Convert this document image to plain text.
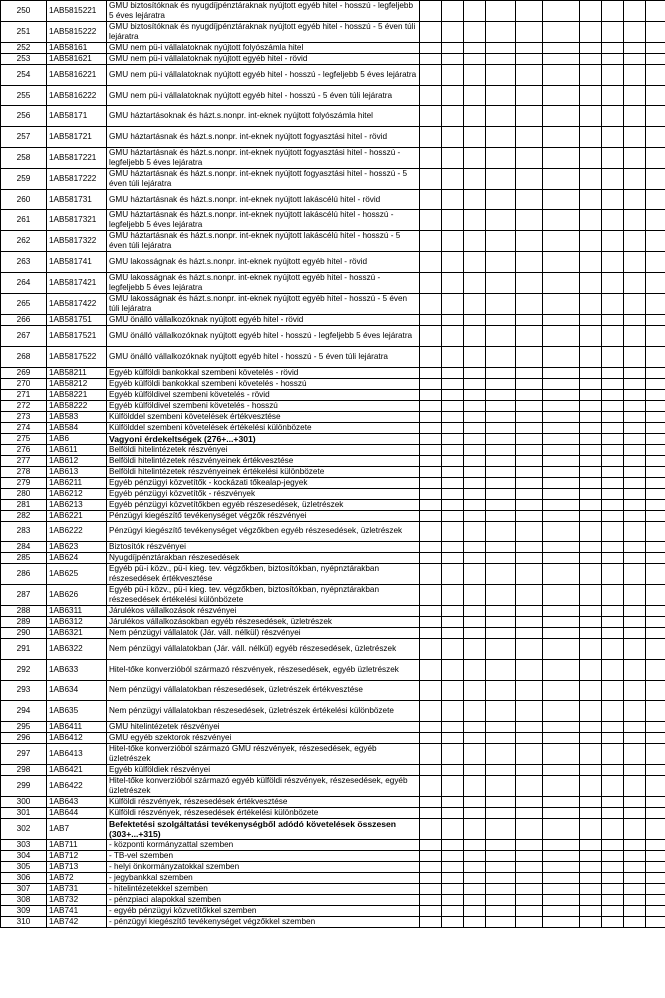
250	1AB5815221	GMU biztosítóknak és nyugdíjpénztáraknak nyújtott egyéb hitel - hosszú - legfeljebb 5 éves lejáratra										
251	1AB5815222	GMU biztosítóknak és nyugdíjpénztáraknak nyújtott egyéb hitel - hosszú - 5 éven túli lejáratra										
252	1AB58161	GMU nem pü-i vállalatoknak nyújtott folyószámla hitel										
253	1AB581621	GMU nem pü-i vállalatoknak nyújtott egyéb hitel - rövid										
254	1AB5816221	GMU nem pü-i vállalatoknak nyújtott egyéb hitel - hosszú - legfeljebb 5 éves lejáratra										
255	1AB5816222	GMU nem pü-i vállalatoknak nyújtott egyéb hitel - hosszú - 5 éven túli lejáratra										
256	1AB58171	GMU háztartásoknak és házt.s.nonpr. int-eknek nyújtott folyószámla hitel										
257	1AB581721	GMU háztartásnak és házt.s.nonpr. int-eknek nyújtott fogyasztási hitel - rövid										
258	1AB5817221	GMU háztartásnak és házt.s.nonpr. int-eknek nyújtott fogyasztási hitel - hosszú - legfeljebb 5 éves lejáratra										
259	1AB5817222	GMU háztartásnak és házt.s.nonpr. int-eknek nyújtott fogyasztási hitel - hosszú - 5 éven túli lejáratra										
260	1AB581731	GMU háztartásnak és házt.s.nonpr. int-eknek nyújtott lakáscélú hitel - rövid										
261	1AB5817321	GMU háztartásnak és házt.s.nonpr. int-eknek nyújtott lakáscélú hitel - hosszú - legfeljebb 5 éves lejáratra										
262	1AB5817322	GMU háztartásnak és házt.s.nonpr. int-eknek nyújtott lakáscélú hitel - hosszú - 5 éven túli lejáratra										
263	1AB581741	GMU lakosságnak és házt.s.nonpr. int-eknek nyújtott egyéb hitel - rövid										
264	1AB5817421	GMU lakosságnak és házt.s.nonpr. int-eknek nyújtott egyéb hitel - hosszú - legfeljebb 5 éves lejáratra										
265	1AB5817422	GMU lakosságnak és házt.s.nonpr. int-eknek nyújtott egyéb hitel - hosszú - 5 éven túli lejáratra										
266	1AB581751	GMU önálló vállalkozóknak nyújtott egyéb hitel - rövid										
267	1AB5817521	GMU önálló vállalkozóknak nyújtott egyéb hitel - hosszú - legfeljebb 5 éves lejáratra										
268	1AB5817522	GMU önálló vállalkozóknak nyújtott egyéb hitel - hosszú - 5 éven túli lejáratra										
269	1AB58211	Egyéb külföldi bankokkal szembeni követelés - rövid										
270	1AB58212	Egyéb külföldi bankokkal szembeni követelés - hosszú										
271	1AB58221	Egyéb külföldivel szembeni követelés - rövid										
272	1AB58222	Egyéb külföldivel szembeni követelés - hosszú										
273	1AB583	Külfölddel szembeni követelések értékvesztése										
274	1AB584	Külfölddel szembeni követelések értékelési különbözete										
275	1AB6	Vagyoni érdekeltségek (276+...+301)										
276	1AB611	Belföldi hitelintézetek részvényei										
277	1AB612	Belföldi hitelintézetek részvényeinek értékvesztése										
278	1AB613	Belföldi hitelintézetek részvényeinek értékelési különbözete										
279	1AB6211	Egyéb pénzügyi közvetítők - kockázati tőkealap-jegyek										
280	1AB6212	Egyéb pénzügyi közvetítők - részvények										
281	1AB6213	Egyéb pénzügyi közvetítőkben egyéb részesedések, üzletrészek										
282	1AB6221	Pénzügyi kiegészítő tevékenységet végzők részvényei										
283	1AB6222	Pénzügyi kiegészítő tevékenységet végzőkben egyéb részesedések, üzletrészek										
284	1AB623	Biztosítók részvényei										
285	1AB624	Nyugdíjpénztárakban részesedések										
286	1AB625	Egyéb pü-i közv., pü-i kieg. tev. végzőkben, biztosítókban, nyépnztárakban részesedések értékvesztése										
287	1AB626	Egyéb pü-i közv., pü-i kieg. tev. végzőkben, biztosítókban, nyépnztárakban részesedések értékelési különbözete										
288	1AB6311	Járulékos vállalkozások részvényei										
289	1AB6312	Járulékos vállalkozásokban egyéb részesedések, üzletrészek										
290	1AB6321	Nem pénzügyi vállalatok (Jár. váll. nélkül) részvényei										
291	1AB6322	Nem pénzügyi vállalatokban (Jár. váll. nélkül) egyéb részesedések, üzletrészek										
292	1AB633	Hitel-tőke konverzióból származó részvények, részesedések, egyéb üzletrészek										
293	1AB634	Nem pénzügyi vállalatokban részesedések, üzletrészek értékvesztése										
294	1AB635	Nem pénzügyi vállalatokban részesedések, üzletrészek értékelési különbözete										
295	1AB6411	GMU hitelintézetek részvényei										
296	1AB6412	GMU egyéb szektorok részvényei										
297	1AB6413	Hitel-tőke konverzióból származó GMU részvények, részesedések, egyéb üzletrészek										
298	1AB6421	Egyéb külföldiek részvényei										
299	1AB6422	Hitel-tőke konverzióból származó egyéb külföldi részvények, részesedések, egyéb üzletrészek										
300	1AB643	Külföldi részvények, részesedések értékvesztése										
301	1AB644	Külföldi részvények, részesedések értékelési különbözete										
302	1AB7	Befektetési szolgáltatási tevékenységből adódó követelések összesen (303+...+315)										
303	1AB711	- központi kormányzattal szemben										
304	1AB712	- TB-vel szemben										
305	1AB713	- helyi önkormányzatokkal szemben										
306	1AB72	- jegybankkal szemben										
307	1AB731	- hitelintézetekkel szemben										
308	1AB732	- pénzpiaci alapokkal szemben										
309	1AB741	- egyéb pénzügyi közvetítőkkel szemben										
310	1AB742	- pénzügyi kiegészítő tevékenységet végzőkkel szemben										
